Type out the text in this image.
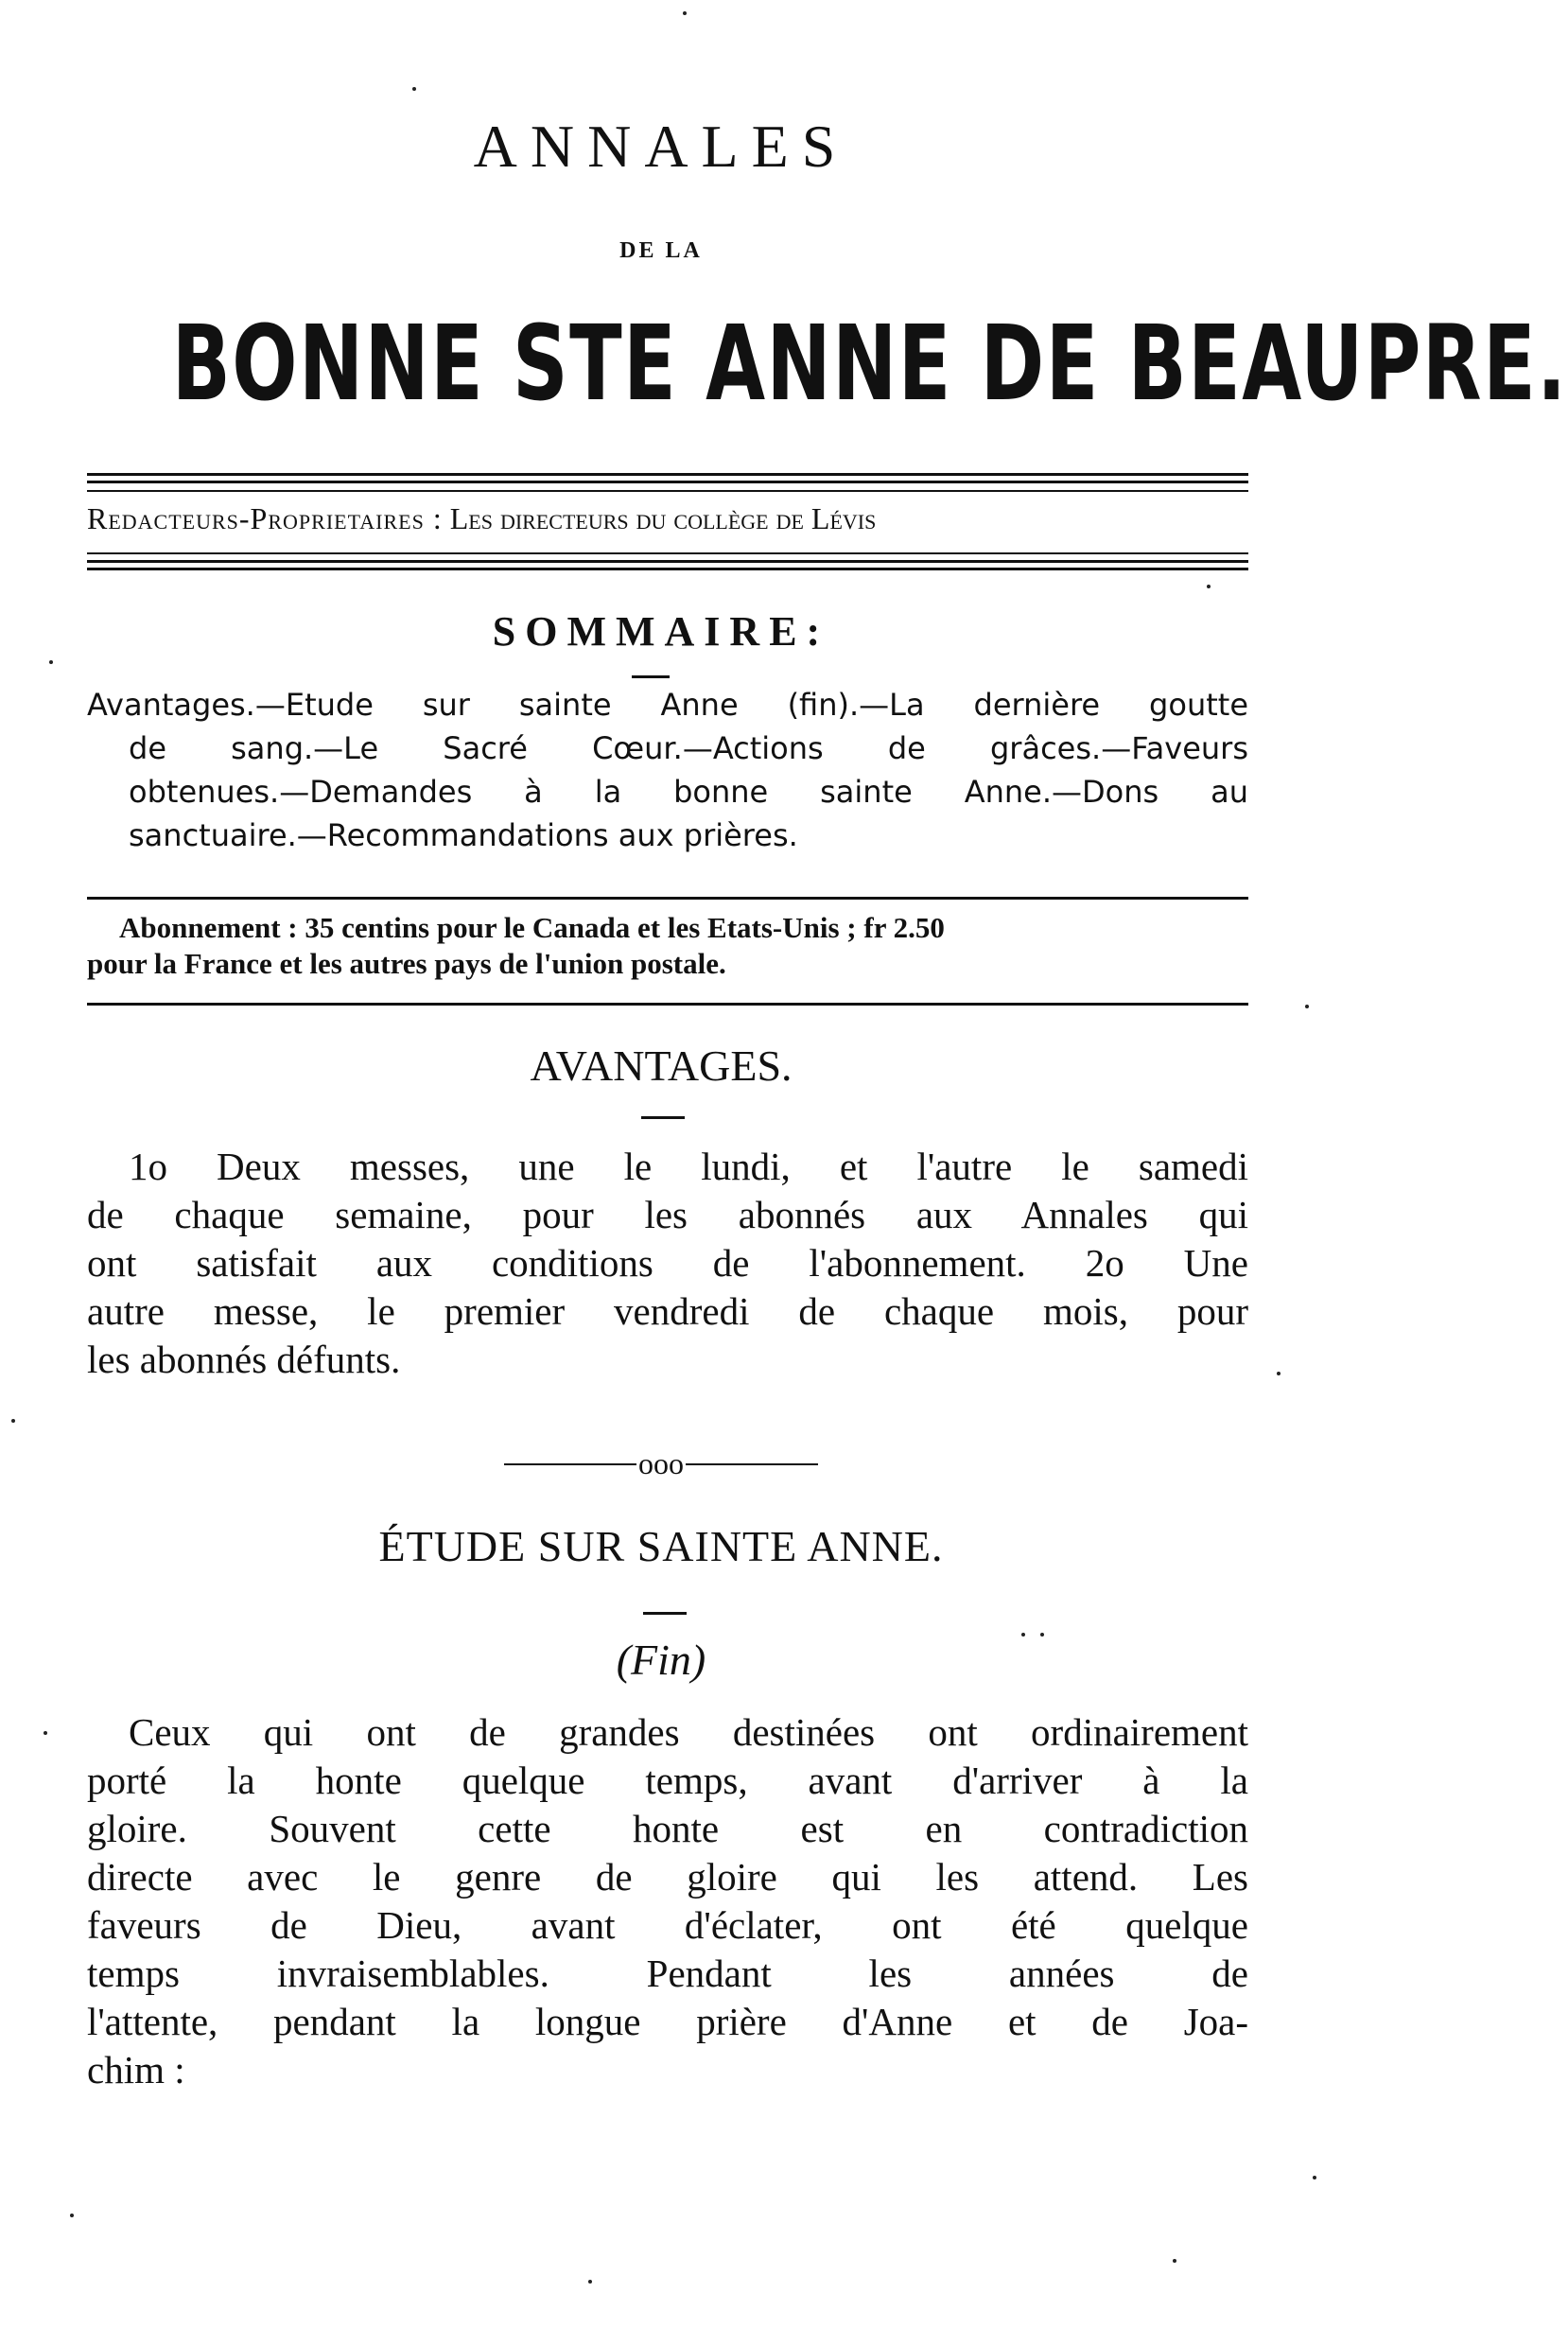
ANNALES
DE LA
BONNE STE ANNE DE BEAUPRE.
Redacteurs-Proprietaires : Les directeurs du collège de Lévis
SOMMAIRE:
Avantages.—Etude sur sainte Anne (fin).—La dernière goutte
de sang.—Le Sacré Cœur.—Actions de grâces.—Faveurs
obtenues.—Demandes à la bonne sainte Anne.—Dons au
sanctuaire.—Recommandations aux prières.
Abonnement : 35 centins pour le Canada et les Etats-Unis ; fr 2.50
pour la France et les autres pays de l'union postale.
AVANTAGES.
1o Deux messes, une le lundi, et l'autre le samedi
de chaque semaine, pour les abonnés aux Annales qui
ont satisfait aux conditions de l'abonnement. 2o Une
autre messe, le premier vendredi de chaque mois, pour
les abonnés défunts.
ooo
ÉTUDE SUR SAINTE ANNE.
(Fin)
Ceux qui ont de grandes destinées ont ordinairement
porté la honte quelque temps, avant d'arriver à la
gloire. Souvent cette honte est en contradiction
directe avec le genre de gloire qui les attend. Les
faveurs de Dieu, avant d'éclater, ont été quelque
temps invraisemblables. Pendant les années de
l'attente, pendant la longue prière d'Anne et de Joa-
chim :
